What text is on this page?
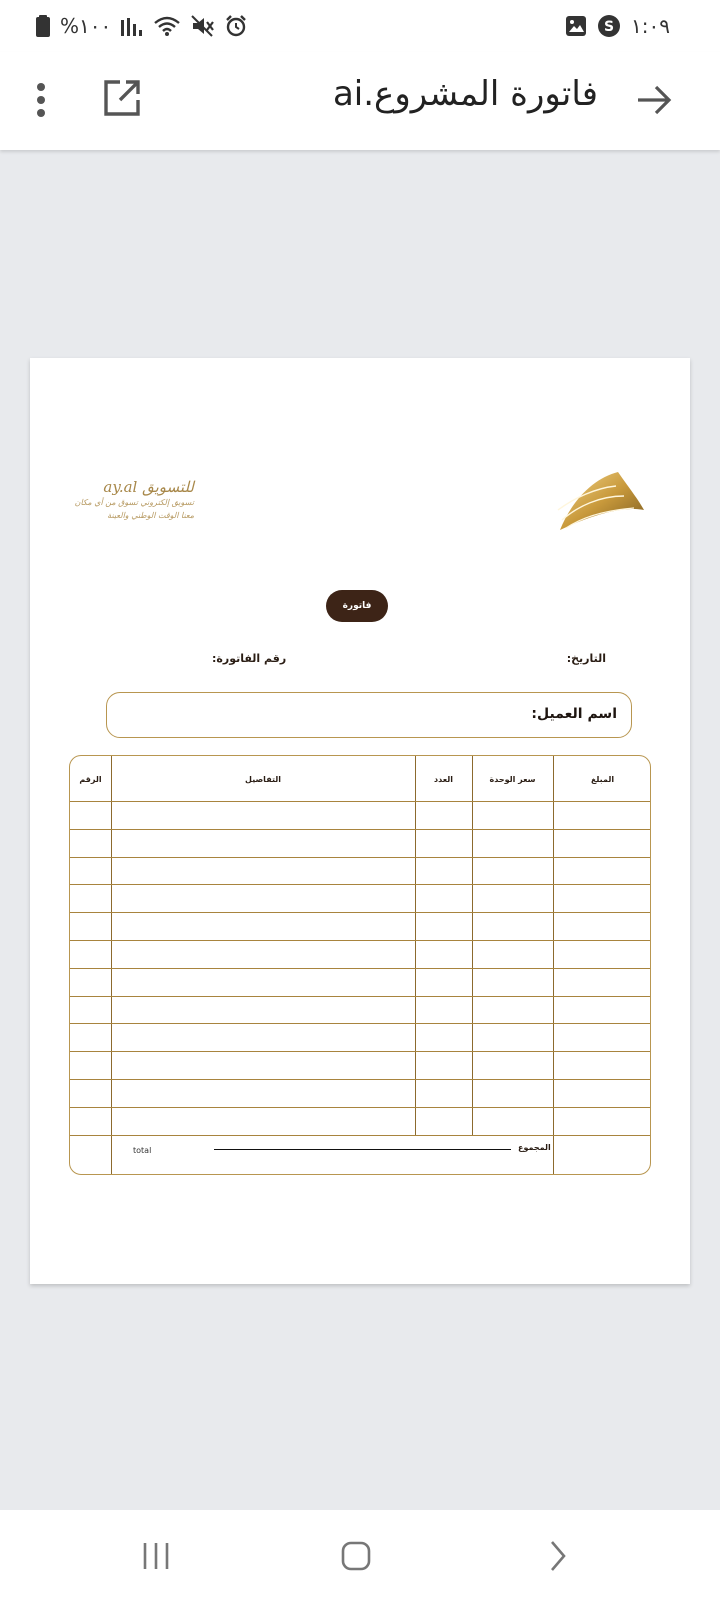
%١٠٠	S ١:٠٩
فاتورة المشروع.ai
للتسويق ay.al
تسويق إلكتروني تسوق من أي مكان
معنا الوقت الوطني والعينة
فاتورة
التاريخ:
رقم الفاتورة:
اسم العميل:
الرقم	التفاصيل	العدد	سعر الوحدة	المبلغ
total	المجموع
